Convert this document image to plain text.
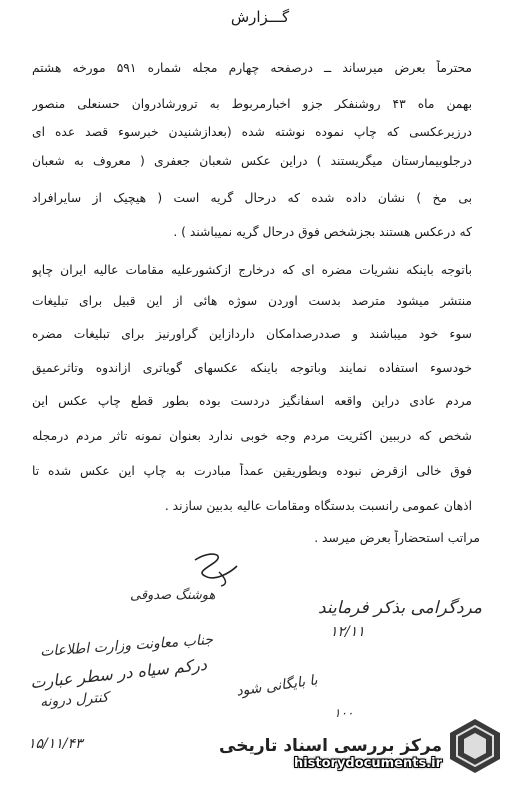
گـــزارش
محترماً بعرض میرساند ــ درصفحه چهارم مجله شماره ۵۹۱ مورخه هشتم
بهمن ماه ۴۳ روشنفکر جزو اخبارمربوط به ترورشادروان حسنعلی منصور
درزیرعکسی که چاپ نموده نوشته شده (بعدازشنیدن خبرسوء قصد عده ای
درجلوبیمارستان میگریستند ) دراین عکس شعبان جعفری ( معروف به شعبان
بی مخ ) نشان داده شده که درحال گریه است ( هیچیک از سایرافراد
که درعکس هستند بجزشخص فوق درحال گریه نمیباشند ) .
باتوجه باینکه نشریات مضره ای که درخارج ازکشورعلیه مقامات عالیه ایران چاپو
منتشر میشود مترصد بدست اوردن سوژه هائی از این قبیل برای تبلیغات
سوء خود میباشند و صددرصدامکان داردازاین گراورنیز برای تبلیغات مضره
خودسوء استفاده نمایند وباتوجه باینکه عکسهای گویاتری ازاندوه وتاثرعمیق
مردم عادی دراین واقعه اسفانگیز دردست بوده بطور قطع چاپ عکس این
شخص که درببین اکثریت مردم وجه خوبی ندارد بعنوان نمونه تاثر مردم درمجله
فوق خالی ازقرض نبوده وبطوریقین عمداً مبادرت به چاپ این عکس شده تا
اذهان عمومی رانسبت بدستگاه ومقامات عالیه بدبین سازند .
مراتب استحضاراً بعرض میرسد .
هوشنگ صدوقی
مردگرامی بذکر فرمایند
۱۲/۱۱
جناب معاونت وزارت اطلاعات
درکم سیاه در سطر عبارت
کنترل درونه
۱۵/۱۱/۴۳
با بایگانی شود
۱۰۰
مرکز بررسی اسناد تاریخی
historydocuments.ir
